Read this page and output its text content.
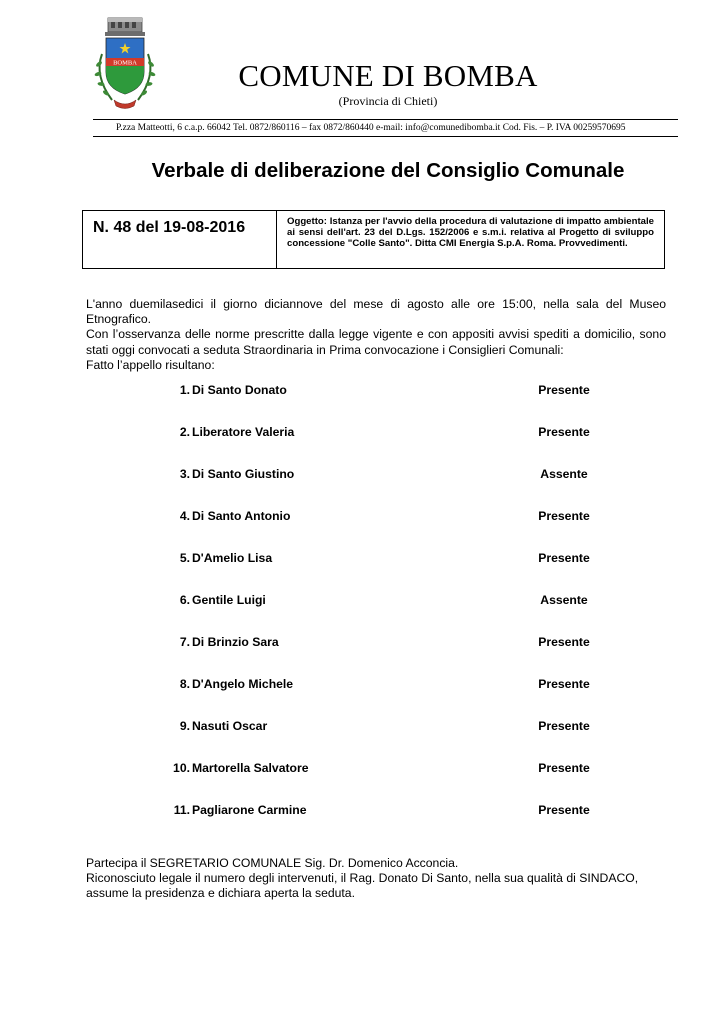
BOMBA	COMUNE DI BOMBA
(Provincia di Chieti)
P.zza Matteotti, 6 c.a.p. 66042 Tel. 0872/860116 – fax 0872/860440 e-mail: info@comunedibomba.it Cod. Fis. – P. IVA 00259570695
Verbale di deliberazione del Consiglio Comunale
N. 48 del 19-08-2016	Oggetto: Istanza per l'avvio della procedura di valutazione di impatto ambientale ai sensi dell'art. 23 del D.Lgs. 152/2006 e s.m.i. relativa al Progetto di sviluppo concessione "Colle Santo". Ditta CMI Energia S.p.A. Roma. Provvedimenti.

L'anno duemilasedici il giorno diciannove del mese di agosto alle ore 15:00, nella sala del Museo Etnografico.

Con l’osservanza delle norme prescritte dalla legge vigente e con appositi avvisi spediti a domicilio, sono stati oggi convocati a seduta Straordinaria in Prima convocazione i Consiglieri Comunali:

Fatto l’appello risultano:

1. Di Santo Donato	Presente
2. Liberatore Valeria	Presente
3. Di Santo Giustino	Assente
4. Di Santo Antonio	Presente
5. D'Amelio Lisa	Presente
6. Gentile Luigi	Assente
7. Di Brinzio Sara	Presente
8. D'Angelo Michele	Presente
9. Nasuti Oscar	Presente
10. Martorella Salvatore	Presente
11. Pagliarone Carmine	Presente

Partecipa il SEGRETARIO COMUNALE Sig. Dr. Domenico Acconcia.

Riconosciuto legale il numero degli intervenuti, il Rag. Donato Di Santo, nella sua qualità di SINDACO, assume la presidenza e dichiara aperta la seduta.
